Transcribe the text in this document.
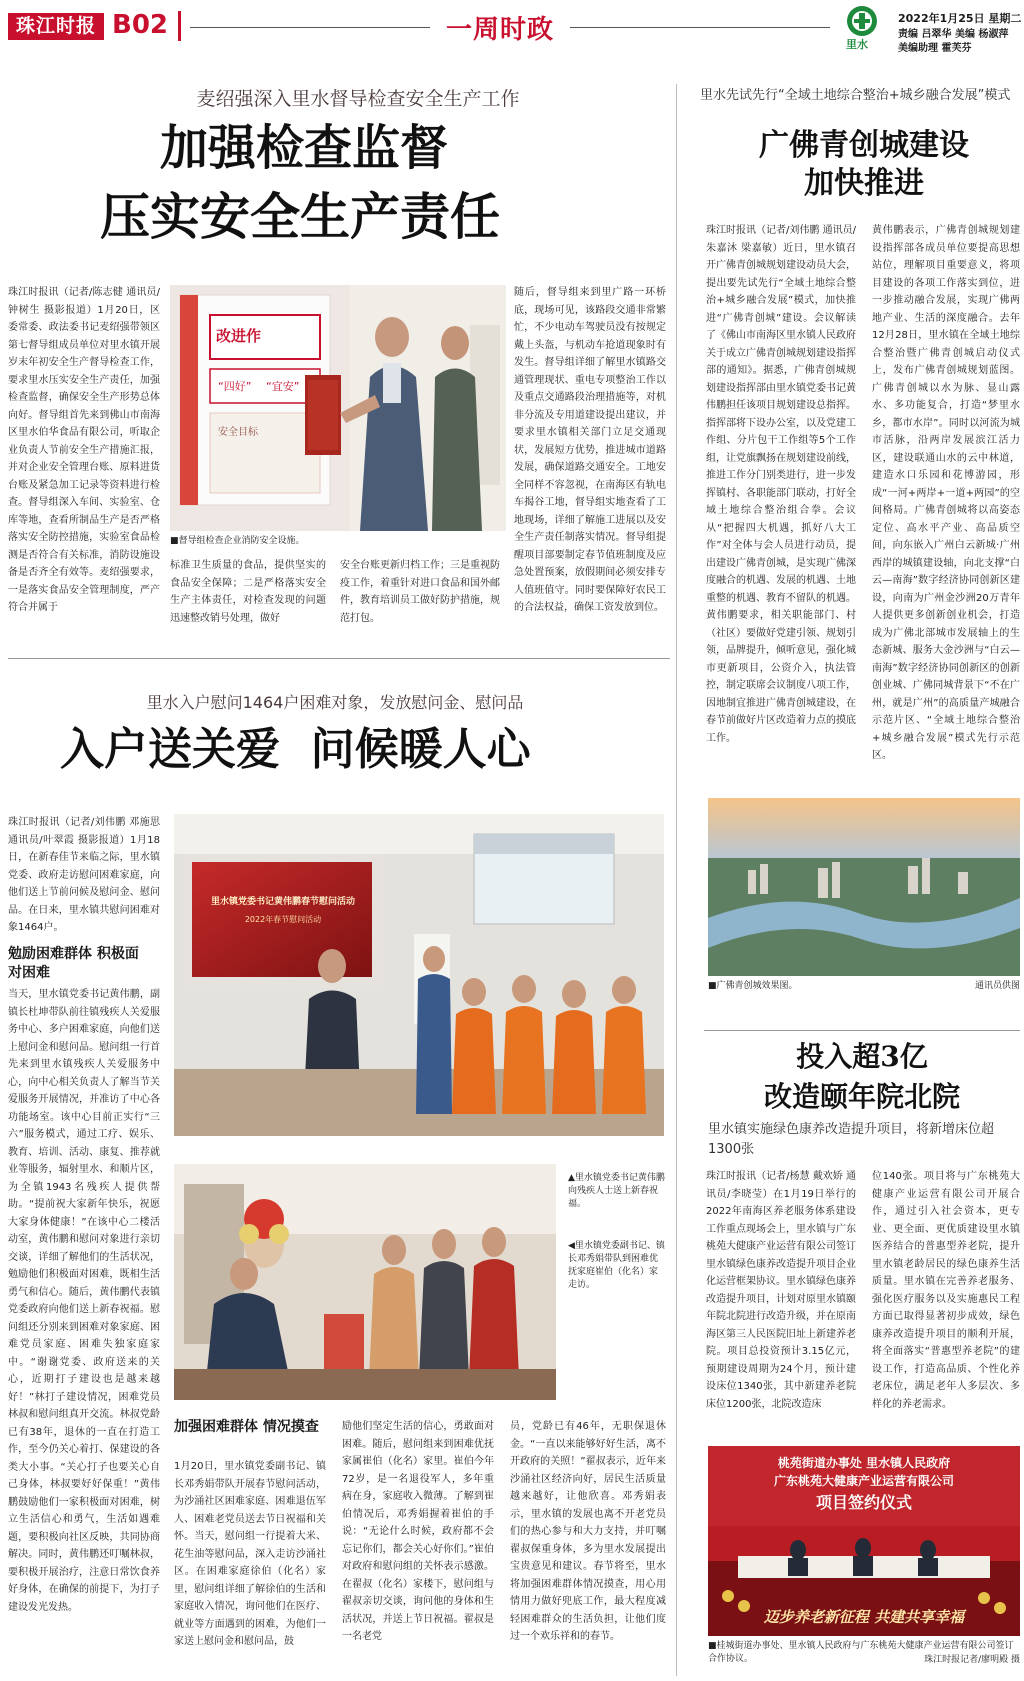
珠江时报 B02	一周时政	里水
2022年1月25日 星期二
责编 吕翠华 美编 杨淑萍
美编助理 霍芙芬
麦绍强深入里水督导检查安全生产工作
加强检查监督
压实安全生产责任
珠江时报讯（记者/陈志健 通讯员/钟树生 摄影报道）1月20日，区委常委、政法委书记麦绍强带领区第七督导组成员单位对里水镇开展岁末年初安全生产督导检查工作，要求里水压实安全生产责任，加强检查监督，确保安全生产形势总体向好。督导组首先来到佛山市南海区里水伯华食品有限公司，听取企业负责人节前安全生产措施汇报，并对企业安全管理台账、原料进货台账及紧急加工记录等资料进行检查。督导组深入车间、实验室、仓库等地，查看所制品生产是否严格落实安全防控措施，实验室食品检测是否符合有关标准，消防设施设备是否齐全有效等。麦绍强要求，一是落实食品安全管理制度，严产符合并属于
改进作
“四好” “宜安”
安全目标
■督导组检查企业消防安全设施。
标准卫生质量的食品，提供坚实的食品安全保障；二是严格落实安全生产主体责任，对检查发现的问题迅速整改销号处理，做好
安全台账更新归档工作；三是重视防疫工作，着重针对进口食品和国外邮件，教育培训员工做好防护措施，规范打包。
随后，督导组来到里广路一环桥底，现场可见，该路段交通非常繁忙，不少电动车驾驶员没有按规定戴上头盔，与机动车抢道现象时有发生。督导组详细了解里水镇路交通管理现状、重电专项整治工作以及重点交通路段治理措施等，对机非分流及专用道建设提出建议，并要求里水镇相关部门立足交通现状，发展短方优势，推进城市道路发展，确保道路交通安全。工地安全同样不容忽视，在南海区有轨电车揭谷工地，督导组实地查看了工地现场，详细了解施工进展以及安全生产责任制落实情况。督导组提醒项目部要制定春节值班制度及应急处置预案，放假期间必须安排专人值班值守。同时要保障好农民工的合法权益，确保工资发放到位。
里水入户慰问1464户困难对象，发放慰问金、慰问品
入户送关爱  问候暖人心
珠江时报讯（记者/刘伟鹏 邓施思 通讯员/叶翠霞 摄影报道）1月18日，在新春佳节来临之际，里水镇党委、政府走访慰问困难家庭，向他们送上节前问候及慰问金、慰问品。在日来，里水镇共慰问困难对象1464户。
勉励困难群体 积极面对困难
当天，里水镇党委书记黄伟鹏，副镇长杜坤带队前往镇残疾人关爱服务中心、多户困难家庭，向他们送上慰问金和慰问品。慰问组一行首先来到里水镇残疾人关爱服务中心，向中心相关负责人了解当节关爱服务开展情况，并准访了中心各功能场室。该中心目前正实行“三六”服务模式，通过工疗、娱乐、教育、培训、活动、康复、推荐就业等服务，辐射里水、和顺片区，为全镇1943名残疾人提供帮助。“提前祝大家新年快乐，祝愿大家身体健康！”在该中心二楼活动室，黄伟鹏和慰问对象进行亲切交谈，详细了解他们的生活状况，勉励他们积极面对困难，既相生活勇气和信心。随后，黄伟鹏代表镇党委政府向他们送上新春祝福。慰问组还分别来到困难对象家庭、困难党员家庭、困难失独家庭家中。“谢谢党委、政府送来的关心，近期打子建设也是越来越好！”林打子建设情况，困难党员林叔和慰问组真开交流。林叔党龄已有38年，退休的一直在打造工作，至今仍关心着打、保建设的各类大小事。“关心打子也要关心自己身体，林叔要好好保重！”黄伟鹏鼓励他们一家积极面对困难，树立生活信心和勇气，生活如遇难题，要积极向社区反映，共同协商解决。同时，黄伟鹏还叮嘱林叔，要积极开展治疗，注意日常饮食养好身体，在确保的前提下，为打子建设发光发热。
里水镇党委书记黄伟鹏春节慰问活动
2022年春节慰问活动
▲里水镇党委书记黄伟鹏向残疾人士送上新春祝福。
◀里水镇党委副书记、镇长邓秀娟带队到困难优抚家庭崔伯（化名）家走访。
加强困难群体 情况摸查
1月20日，里水镇党委副书记、镇长邓秀娟带队开展春节慰问活动，为沙涌社区困难家庭、困难退伍军人、困难老党员送去节日祝福和关怀。当天，慰问组一行提着大米、花生油等慰问品，深入走访沙涌社区。在困难家庭徐伯（化名）家里，慰问组详细了解徐伯的生活和家庭收入情况，询问他们在医疗、就业等方面遇到的困难，为他们一家送上慰问金和慰问品，鼓
励他们坚定生活的信心，勇敢面对困难。随后，慰问组来到困难优抚家属崔伯（化名）家里。崔伯今年72岁，是一名退役军人，多年重病在身，家庭收入微薄。了解到崔伯情况后，邓秀娟握着崔伯的手说：“无论什么时候，政府都不会忘记你们，都会关心好你们。”崔伯对政府和慰问组的关怀表示感激。在翟叔（化名）家楼下，慰问组与翟叔亲切交谈，询问他的身体和生活状况，并送上节日祝福。翟叔是一名老党
员，党龄已有46年，无职保退休金。“一直以来能够好好生活，离不开政府的关照！”翟叔表示，近年来沙涌社区经济向好，居民生活质量越来越好，让他欣喜。邓秀娟表示，里水镇的发展也离不开老党员们的热心参与和大力支持，并叮嘱翟叔保重身体，多为里水发展提出宝贵意见和建议。春节将至，里水将加强困难群体情况摸查，用心用情用力做好兜底工作，最大程度减轻困难群众的生活负担，让他们度过一个欢乐祥和的春节。
里水先试先行“全域土地综合整治+城乡融合发展”模式
广佛青创城建设
加快推进
珠江时报讯（记者/刘伟鹏 通讯员/朱嘉沐 梁嘉敏）近日，里水镇召开广佛青创城规划建设动员大会，提出要先试先行“全域土地综合整治+城乡融合发展”模式，加快推进“广佛青创城”建设。会议解读了《佛山市南海区里水镇人民政府关于成立广佛青创城规划建设指挥部的通知》。据悉，广佛青创城规划建设指挥部由里水镇党委书记黄伟鹏担任该项目规划建设总指挥。指挥部将下设办公室，以及党建工作组、分片包干工作组等5个工作组，让党旗飘扬在规划建设前线，推进工作分门别类进行，进一步发挥镇村、各职能部门联动，打好全域土地综合整治组合拳。会议从“把握四大机遇，抓好八大工作”对全体与会人员进行动员，提出建设广佛青创城，是实现广佛深度融合的机遇、发展的机遇、土地重整的机遇、教育不留队的机遇。黄伟鹏要求，相关职能部门、村（社区）要做好党建引领、规划引领，品牌提升，倾听意见，强化城市更新项目，公资介入，执法管控，制定联席会议制度八项工作，因地制宜推进广佛青创城建设，在春节前做好片区改造着力点的摸底工作。
黄伟鹏表示，广佛青创城规划建设指挥部各成员单位要提高思想站位，理解项目重要意义，将项目建设的各项工作落实到位，进一步推动融合发展，实现广佛两地产业、生活的深度融合。去年12月28日，里水镇在全域土地综合整治暨广佛青创城启动仪式上，发布广佛青创城规划蓝图。广佛青创城以水为脉、显山露水、多功能复合，打造“梦里水乡，都市水岸”。同时以河流为城市活脉，沿两岸发展滨江活力区，建设联通山水的云中林道，建造水口乐园和花博游园，形成“一河+两岸+一道+两园”的空间格局。广佛青创城将以高姿态定位、高水平产业、高品质空间，向东嵌入广州白云新城·广州西岸的城镇建设轴，向北支撑“白云—南海”数字经济协同创新区建设，向南为广州金沙洲20万青年人提供更多创新创业机会，打造成为广佛北部城市发展轴上的生态新城、服务大金沙洲与“白云—南海”数字经济协同创新区的创新创业城、广佛同城背景下“不在广州，就是广州”的高质量产城融合示范片区、“全域土地综合整治+城乡融合发展”模式先行示范区。
■广佛青创城效果图。	通讯员供图
投入超3亿
改造颐年院北院
里水镇实施绿色康养改造提升项目，将新增床位超1300张
珠江时报讯（记者/杨慧 戴欢娇 通讯员/李晓莹）在1月19日举行的2022年南海区养老服务体系建设工作重点现场会上，里水镇与广东桃苑大健康产业运营有限公司签订里水镇绿色康养改造提升项目企业化运营框架协议。里水镇绿色康养改造提升项目，计划对原里水镇颐年院北院进行改造升级，并在原南海区第三人民医院旧址上新建养老院。项目总投资预计3.15亿元，预期建设周期为24个月，预计建设床位1340张，其中新建养老院床位1200张，北院改造床
位140张。项目将与广东桃苑大健康产业运营有限公司开展合作，通过引入社会资本，更专业、更全面、更优质建设里水镇医养结合的普惠型养老院，提升里水镇老龄居民的绿色康养生活质量。里水镇在完善养老服务、强化医疗服务以及实施惠民工程方面已取得显著初步成效，绿色康养改造提升项目的顺利开展，将全面落实“普惠型养老院”的建设工作，打造高品质、个性化养老床位，满足老年人多层次、多样化的养老需求。
桃苑街道办事处 里水镇人民政府
广东桃苑大健康产业运营有限公司
项目签约仪式
迈步养老新征程 共建共享幸福
■桂城街道办事处、里水镇人民政府与广东桃苑大健康产业运营有限公司签订合作协议。	珠江时报记者/廖明殿 摄
